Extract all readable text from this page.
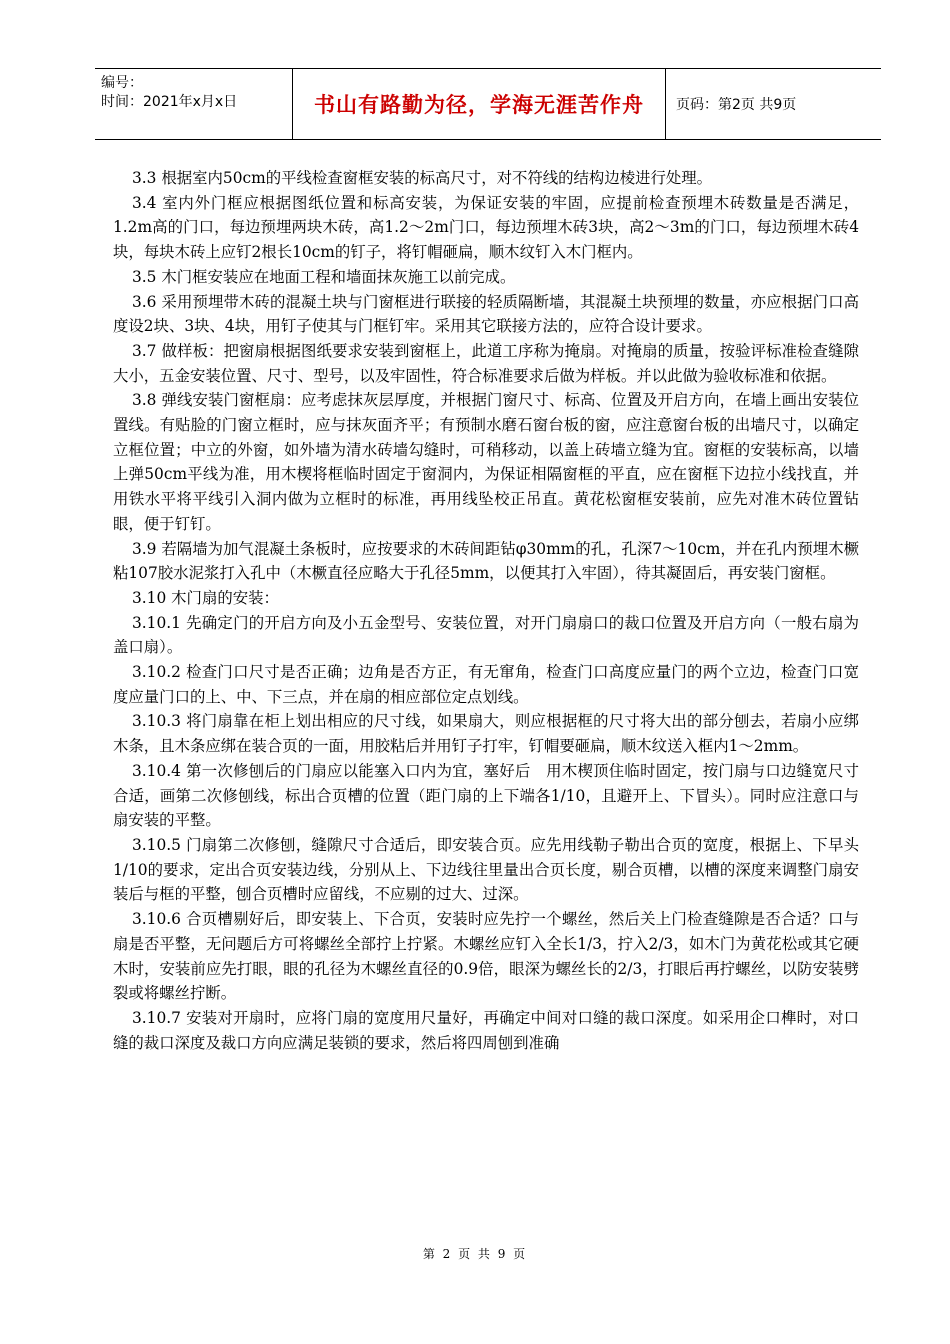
编号：
时间：2021年x月x日	书山有路勤为径，学海无涯苦作舟	页码：第2页 共9页

3.3 根据室内50cm的平线检查窗框安装的标高尺寸，对不符线的结构边棱进行处理。

3.4 室内外门框应根据图纸位置和标高安装，为保证安装的牢固，应提前检查预埋木砖数量是否满足，1.2m高的门口，每边预埋两块木砖，高1.2～2m门口，每边预埋木砖3块，高2～3m的门口，每边预埋木砖4块，每块木砖上应钉2根长10cm的钉子，将钉帽砸扁，顺木纹钉入木门框内。

3.5 木门框安装应在地面工程和墙面抹灰施工以前完成。

3.6 采用预埋带木砖的混凝土块与门窗框进行联接的轻质隔断墙，其混凝土块预埋的数量，亦应根据门口高度设2块、3块、4块，用钉子使其与门框钉牢。采用其它联接方法的，应符合设计要求。

3.7 做样板：把窗扇根据图纸要求安装到窗框上，此道工序称为掩扇。对掩扇的质量，按验评标准检查缝隙大小，五金安装位置、尺寸、型号，以及牢固性，符合标准要求后做为样板。并以此做为验收标准和依据。

3.8 弹线安装门窗框扇：应考虑抹灰层厚度，并根据门窗尺寸、标高、位置及开启方向，在墙上画出安装位置线。有贴脸的门窗立框时，应与抹灰面齐平；有预制水磨石窗台板的窗，应注意窗台板的出墙尺寸，以确定立框位置；中立的外窗，如外墙为清水砖墙勾缝时，可稍移动，以盖上砖墙立缝为宜。窗框的安装标高，以墙上弹50cm平线为准，用木楔将框临时固定于窗洞内，为保证相隔窗框的平直，应在窗框下边拉小线找直，并用铁水平将平线引入洞内做为立框时的标准，再用线坠校正吊直。黄花松窗框安装前，应先对准木砖位置钻眼，便于钉钉。

3.9 若隔墙为加气混凝土条板时，应按要求的木砖间距钻φ30mm的孔，孔深7～10cm，并在孔内预埋木橛粘107胶水泥浆打入孔中（木橛直径应略大于孔径5mm，以便其打入牢固），待其凝固后，再安装门窗框。

3.10 木门扇的安装：

3.10.1 先确定门的开启方向及小五金型号、安装位置，对开门扇扇口的裁口位置及开启方向（一般右扇为盖口扇）。

3.10.2 检查门口尺寸是否正确；边角是否方正，有无窜角，检查门口高度应量门的两个立边，检查门口宽度应量门口的上、中、下三点，并在扇的相应部位定点划线。

3.10.3 将门扇靠在柜上划出相应的尺寸线，如果扇大，则应根据框的尺寸将大出的部分刨去，若扇小应绑木条，且木条应绑在装合页的一面，用胶粘后并用钉子打牢，钉帽要砸扁，顺木纹送入框内1～2mm。

3.10.4 第一次修刨后的门扇应以能塞入口内为宜，塞好后　用木楔顶住临时固定，按门扇与口边缝宽尺寸合适，画第二次修刨线，标出合页槽的位置（距门扇的上下端各1/10，且避开上、下冒头）。同时应注意口与扇安装的平整。

3.10.5 门扇第二次修刨，缝隙尺寸合适后，即安装合页。应先用线勒子勒出合页的宽度，根据上、下早头1/10的要求，定出合页安装边线，分别从上、下边线往里量出合页长度，剔合页槽，以槽的深度来调整门扇安装后与框的平整，刨合页槽时应留线，不应剔的过大、过深。

3.10.6 合页槽剔好后，即安装上、下合页，安装时应先拧一个螺丝，然后关上门检查缝隙是否合适？口与扇是否平整，无问题后方可将螺丝全部拧上拧紧。木螺丝应钉入全长1/3，拧入2/3，如木门为黄花松或其它硬木时，安装前应先打眼，眼的孔径为木螺丝直径的0.9倍，眼深为螺丝长的2/3，打眼后再拧螺丝，以防安装劈裂或将螺丝拧断。

3.10.7 安装对开扇时，应将门扇的宽度用尺量好，再确定中间对口缝的裁口深度。如采用企口榫时，对口缝的裁口深度及裁口方向应满足装锁的要求，然后将四周刨到准确

第 2 页 共 9 页
